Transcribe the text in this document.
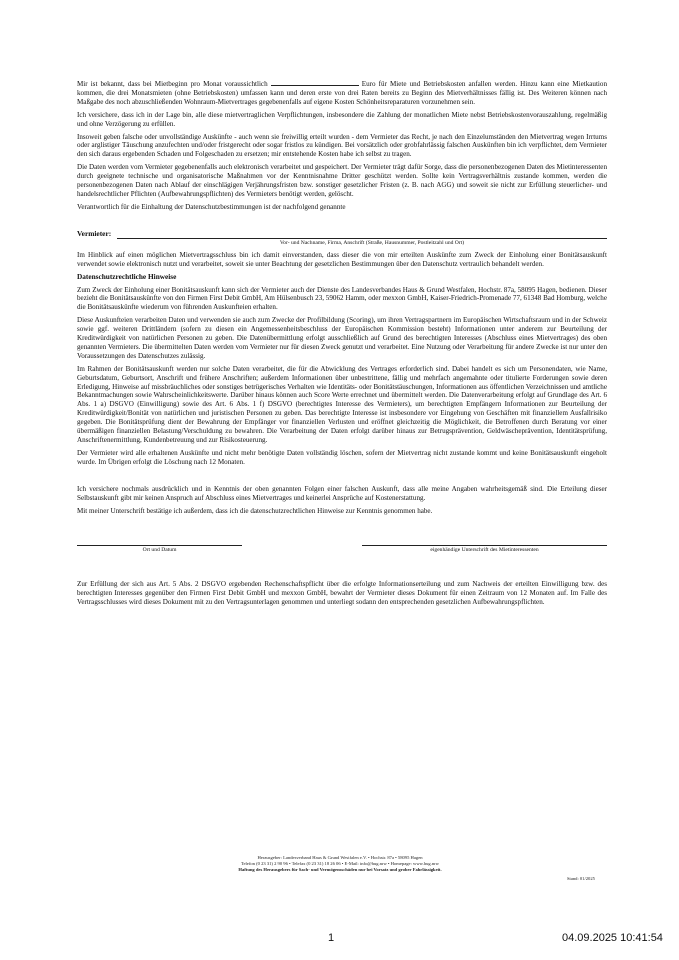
Mir ist bekannt, dass bei Mietbeginn pro Monat voraussichtlich	Euro für Miete und Betriebskosten anfallen werden. Hinzu kann eine Mietkaution kommen, die drei Monatsmieten (ohne Betriebskosten) umfassen kann und deren erste von drei Raten bereits zu Beginn des Mietverhältnisses fällig ist. Des Weiteren können nach Maßgabe des noch abzuschließenden Wohnraum-Mietvertrages gegebenenfalls auf eigene Kosten Schönheitsreparaturen vorzunehmen sein.

Ich versichere, dass ich in der Lage bin, alle diese mietvertraglichen Verpflichtungen, insbesondere die Zahlung der monatlichen Miete nebst Betriebskostenvorauszahlung, regelmäßig und ohne Verzögerung zu erfüllen.

Insoweit geben falsche oder unvollständige Auskünfte - auch wenn sie freiwillig erteilt wurden - dem Vermieter das Recht, je nach den Einzelumständen den Mietvertrag wegen Irrtums oder arglistiger Täuschung anzufechten und/oder fristgerecht oder sogar fristlos zu kündigen. Bei vorsätzlich oder grobfahrlässig falschen Auskünften bin ich verpflichtet, dem Vermieter den sich daraus ergebenden Schaden und Folgeschaden zu ersetzen; mir entstehende Kosten habe ich selbst zu tragen.

Die Daten werden vom Vermieter gegebenenfalls auch elektronisch verarbeitet und gespeichert. Der Vermieter trägt dafür Sorge, dass die personenbezogenen Daten des Mietinteressenten durch geeignete technische und organisatorische Maßnahmen vor der Kenntnisnahme Dritter geschützt werden. Sollte kein Vertragsverhältnis zustande kommen, werden die personenbezogenen Daten nach Ablauf der einschlägigen Verjährungsfristen bzw. sonstiger gesetzlicher Fristen (z. B. nach AGG) und soweit sie nicht zur Erfüllung steuerlicher- und handelsrechtlicher Pflichten (Aufbewahrungspflichten) des Vermieters benötigt werden, gelöscht.

Verantwortlich für die Einhaltung der Datenschutzbestimmungen ist der nachfolgend genannte

Vermieter:
Vor- und Nachname, Firma, Anschrift (Straße, Hausnummer, Postleitzahl und Ort)

Im Hinblick auf einen möglichen Mietvertragsschluss bin ich damit einverstanden, dass dieser die von mir erteilten Auskünfte zum Zweck der Einholung einer Bonitätsauskunft verwendet sowie elektronisch nutzt und verarbeitet, soweit sie unter Beachtung der gesetzlichen Bestimmungen über den Datenschutz vertraulich behandelt werden.

Datenschutzrechtliche Hinweise

Zum Zweck der Einholung einer Bonitätsauskunft kann sich der Vermieter auch der Dienste des Landesverbandes Haus & Grund Westfalen, Hochstr. 87a, 58095 Hagen, bedienen. Dieser bezieht die Bonitätsauskünfte von den Firmen First Debit GmbH, Am Hülsenbusch 23, 59062 Hamm, oder mexxon GmbH, Kaiser-Friedrich-Promenade 77, 61348 Bad Homburg, welche die Bonitätsauskünfte wiederum von führenden Auskunfteien erhalten.

Diese Auskunfteien verarbeiten Daten und verwenden sie auch zum Zwecke der Profilbildung (Scoring), um ihren Vertragspartnern im Europäischen Wirtschaftsraum und in der Schweiz sowie ggf. weiteren Drittländern (sofern zu diesen ein Angemessenheitsbeschluss der Europäischen Kommission besteht) Informationen unter anderem zur Beurteilung der Kreditwürdigkeit von natürlichen Personen zu geben. Die Datenübermittlung erfolgt ausschließlich auf Grund des berechtigten Interesses (Abschluss eines Mietvertrages) des oben genannten Vermieters. Die übermittelten Daten werden vom Vermieter nur für diesen Zweck genutzt und verarbeitet. Eine Nutzung oder Verarbeitung für andere Zwecke ist nur unter den Voraussetzungen des Datenschutzes zulässig.

Im Rahmen der Bonitätsauskunft werden nur solche Daten verarbeitet, die für die Abwicklung des Vertrages erforderlich sind. Dabei handelt es sich um Personendaten, wie Name, Geburtsdatum, Geburtsort, Anschrift und frühere Anschriften; außerdem Informationen über unbestrittene, fällig und mehrfach angemahnte oder titulierte Forderungen sowie deren Erledigung, Hinweise auf missbräuchliches oder sonstiges betrügerisches Verhalten wie Identitäts- oder Bonitätstäuschungen, Informationen aus öffentlichen Verzeichnissen und amtliche Bekanntmachungen sowie Wahrscheinlichkeitswerte. Darüber hinaus können auch Score Werte errechnet und übermittelt werden. Die Datenverarbeitung erfolgt auf Grundlage des Art. 6 Abs. 1 a) DSGVO (Einwilligung) sowie des Art. 6 Abs. 1 f) DSGVO (berechtigtes Interesse des Vermieters), um berechtigten Empfängern Informationen zur Beurteilung der Kreditwürdigkeit/Bonität von natürlichen und juristischen Personen zu geben. Das berechtigte Interesse ist insbesondere vor Eingehung von Geschäften mit finanziellem Ausfallrisiko gegeben. Die Bonitätsprüfung dient der Bewahrung der Empfänger vor finanziellen Verlusten und eröffnet gleichzeitig die Möglichkeit, die Betroffenen durch Beratung vor einer übermäßigen finanziellen Belastung/Verschuldung zu bewahren. Die Verarbeitung der Daten erfolgt darüber hinaus zur Betrugsprävention, Geldwäscheprävention, Identitätsprüfung, Anschriftenermittlung, Kundenbetreuung und zur Risikosteuerung.

Der Vermieter wird alle erhaltenen Auskünfte und nicht mehr benötigte Daten vollständig löschen, sofern der Mietvertrag nicht zustande kommt und keine Bonitätsauskunft eingeholt wurde. Im Übrigen erfolgt die Löschung nach 12 Monaten.

Ich versichere nochmals ausdrücklich und in Kenntnis der oben genannten Folgen einer falschen Auskunft, dass alle meine Angaben wahrheitsgemäß sind. Die Erteilung dieser Selbstauskunft gibt mir keinen Anspruch auf Abschluss eines Mietvertrages und keinerlei Ansprüche auf Kostenerstattung.

Mit meiner Unterschrift bestätige ich außerdem, dass ich die datenschutzrechtlichen Hinweise zur Kenntnis genommen habe.

Ort und Datum	eigenhändige Unterschrift des Mietinteressenten

Zur Erfüllung der sich aus Art. 5 Abs. 2 DSGVO ergebenden Rechenschaftspflicht über die erfolgte Informationserteilung und zum Nachweis der erteilten Einwilligung bzw. des berechtigten Interesses gegenüber den Firmen First Debit GmbH und mexxon GmbH, bewahrt der Vermieter dieses Dokument für einen Zeitraum von 12 Monaten auf. Im Falle des Vertragsschlusses wird dieses Dokument mit zu den Vertragsunterlagen genommen und unterliegt sodann den entsprechenden gesetzlichen Aufbewahrungspflichten.

Herausgeber: Landesverband Haus & Grund Westfalen e.V. • Hochstr. 87a • 58095 Hagen
Telefon (0 23 31) 2 90 96 • Telefax (0 23 31) 18 26 06 • E-Mail: info@hug.nrw • Homepage: www.hug.nrw
Haftung des Herausgebers für Sach- und Vermögensschäden nur bei Vorsatz und grober Fahrlässigkeit.
Stand: 01/2025
1	04.09.2025 10:41:54
